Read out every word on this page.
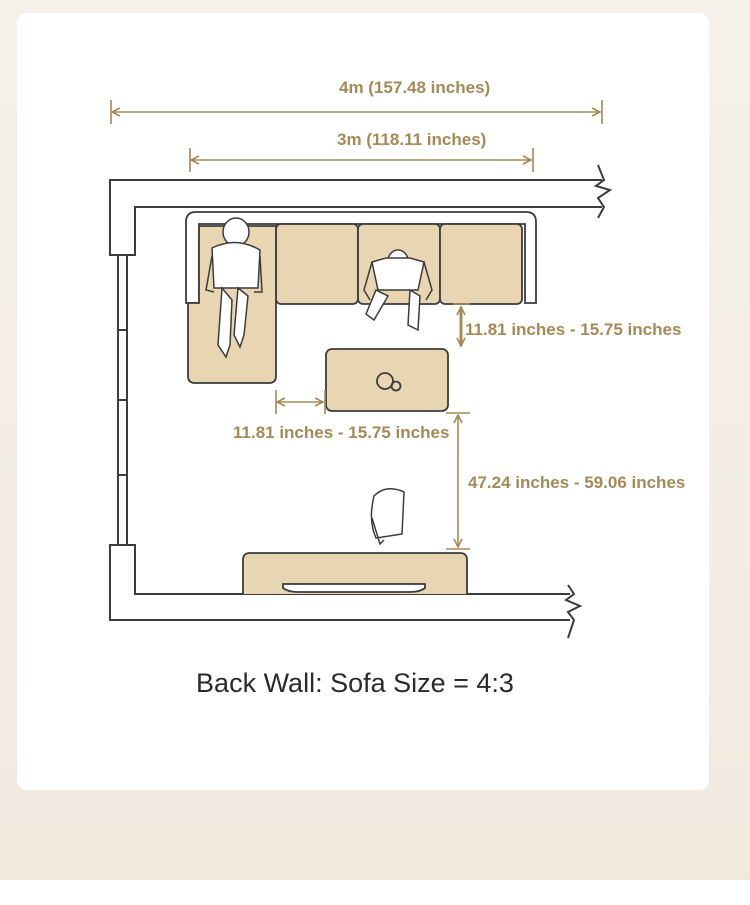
4m (157.48 inches)
3m (118.11 inches)
11.81 inches - 15.75 inches
11.81 inches - 15.75 inches
47.24 inches - 59.06 inches
Back Wall: Sofa Size = 4:3
